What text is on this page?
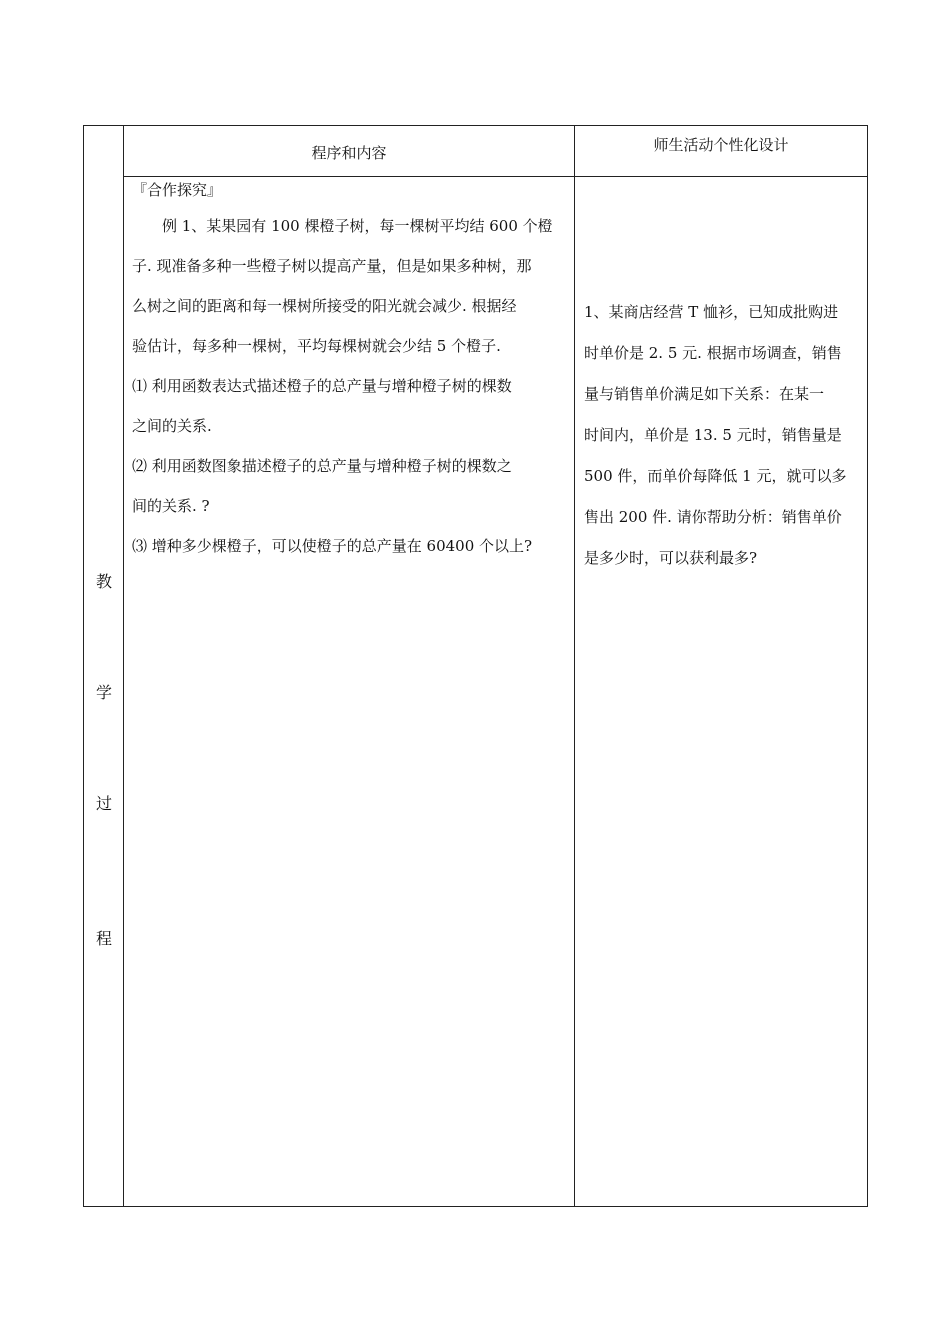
程序和内容	师生活动个性化设计
教
学
过
程

『合作探究』

例 1、某果园有 100 棵橙子树，每一棵树平均结 600 个橙

子. 现准备多种一些橙子树以提高产量，但是如果多种树，那

么树之间的距离和每一棵树所接受的阳光就会减少. 根据经

验估计，每多种一棵树，平均每棵树就会少结 5 个橙子.

⑴ 利用函数表达式描述橙子的总产量与增种橙子树的棵数

之间的关系.

⑵ 利用函数图象描述橙子的总产量与增种橙子树的棵数之

间的关系. ?

⑶ 增种多少棵橙子，可以使橙子的总产量在 60400 个以上?

1、某商店经营 T 恤衫，已知成批购进

时单价是 2. 5 元. 根据市场调查，销售

量与销售单价满足如下关系：在某一

时间内，单价是 13. 5 元时，销售量是

500 件，而单价每降低 1 元，就可以多

售出 200 件. 请你帮助分析：销售单价

是多少时，可以获利最多?
